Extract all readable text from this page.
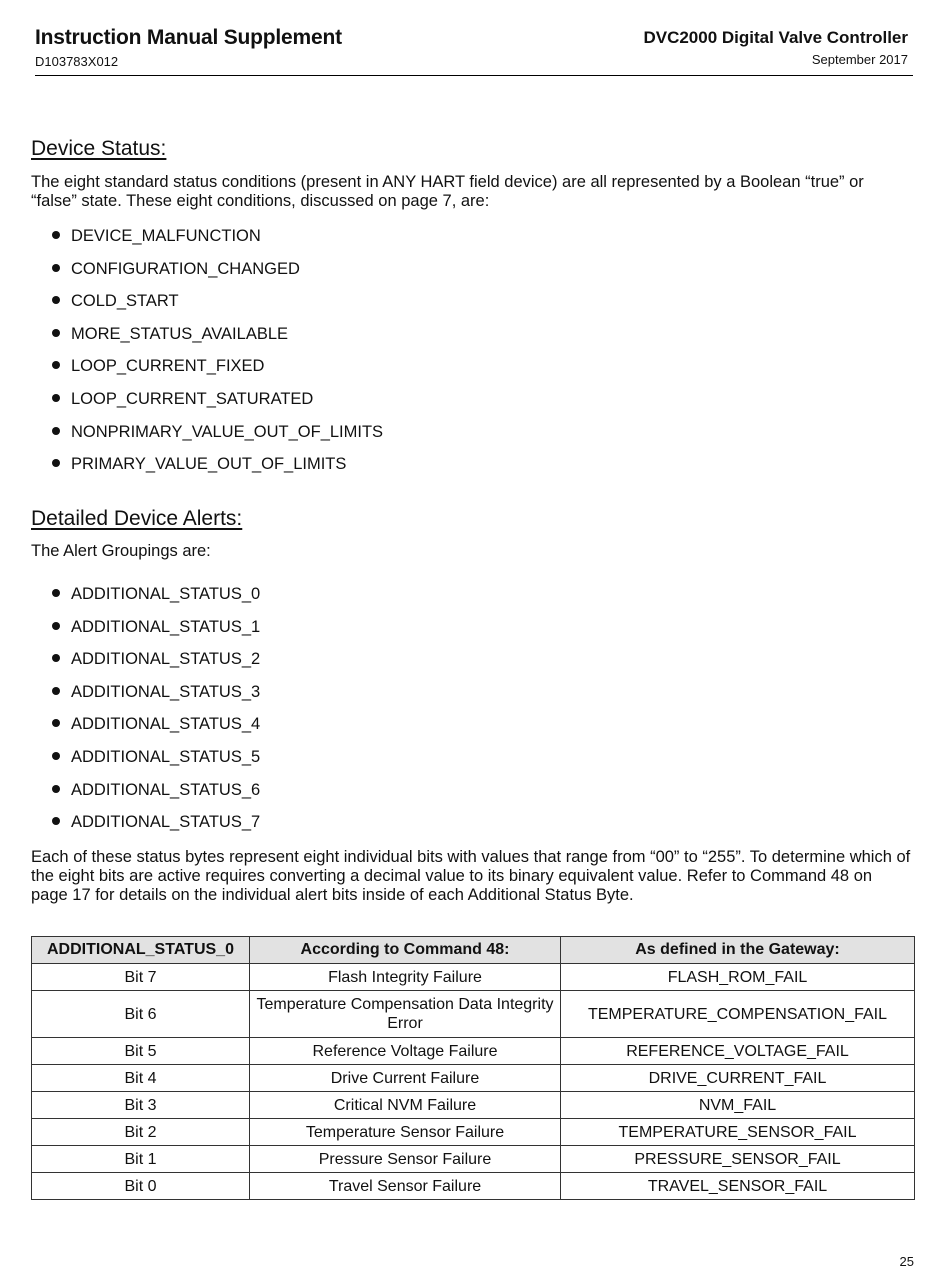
Instruction Manual Supplement
D103783X012
DVC2000 Digital Valve Controller
September 2017
Device Status:
The eight standard status conditions (present in ANY HART field device) are all represented by a Boolean “true” or “false” state. These eight conditions, discussed on page 7, are:
DEVICE_MALFUNCTION
CONFIGURATION_CHANGED
COLD_START
MORE_STATUS_AVAILABLE
LOOP_CURRENT_FIXED
LOOP_CURRENT_SATURATED
NONPRIMARY_VALUE_OUT_OF_LIMITS
PRIMARY_VALUE_OUT_OF_LIMITS
Detailed Device Alerts:
The Alert Groupings are:
ADDITIONAL_STATUS_0
ADDITIONAL_STATUS_1
ADDITIONAL_STATUS_2
ADDITIONAL_STATUS_3
ADDITIONAL_STATUS_4
ADDITIONAL_STATUS_5
ADDITIONAL_STATUS_6
ADDITIONAL_STATUS_7
Each of these status bytes represent eight individual bits with values that range from “00” to “255”. To determine which of the eight bits are active requires converting a decimal value to its binary equivalent value. Refer to Command 48 on page 17 for details on the individual alert bits inside of each Additional Status Byte.
ADDITIONAL_STATUS_0	According to Command 48:	As defined in the Gateway:
Bit 7	Flash Integrity Failure	FLASH_ROM_FAIL
Bit 6	Temperature Compensation Data Integrity Error	TEMPERATURE_COMPENSATION_FAIL
Bit 5	Reference Voltage Failure	REFERENCE_VOLTAGE_FAIL
Bit 4	Drive Current Failure	DRIVE_CURRENT_FAIL
Bit 3	Critical NVM Failure	NVM_FAIL
Bit 2	Temperature Sensor Failure	TEMPERATURE_SENSOR_FAIL
Bit 1	Pressure Sensor Failure	PRESSURE_SENSOR_FAIL
Bit 0	Travel Sensor Failure	TRAVEL_SENSOR_FAIL
25
